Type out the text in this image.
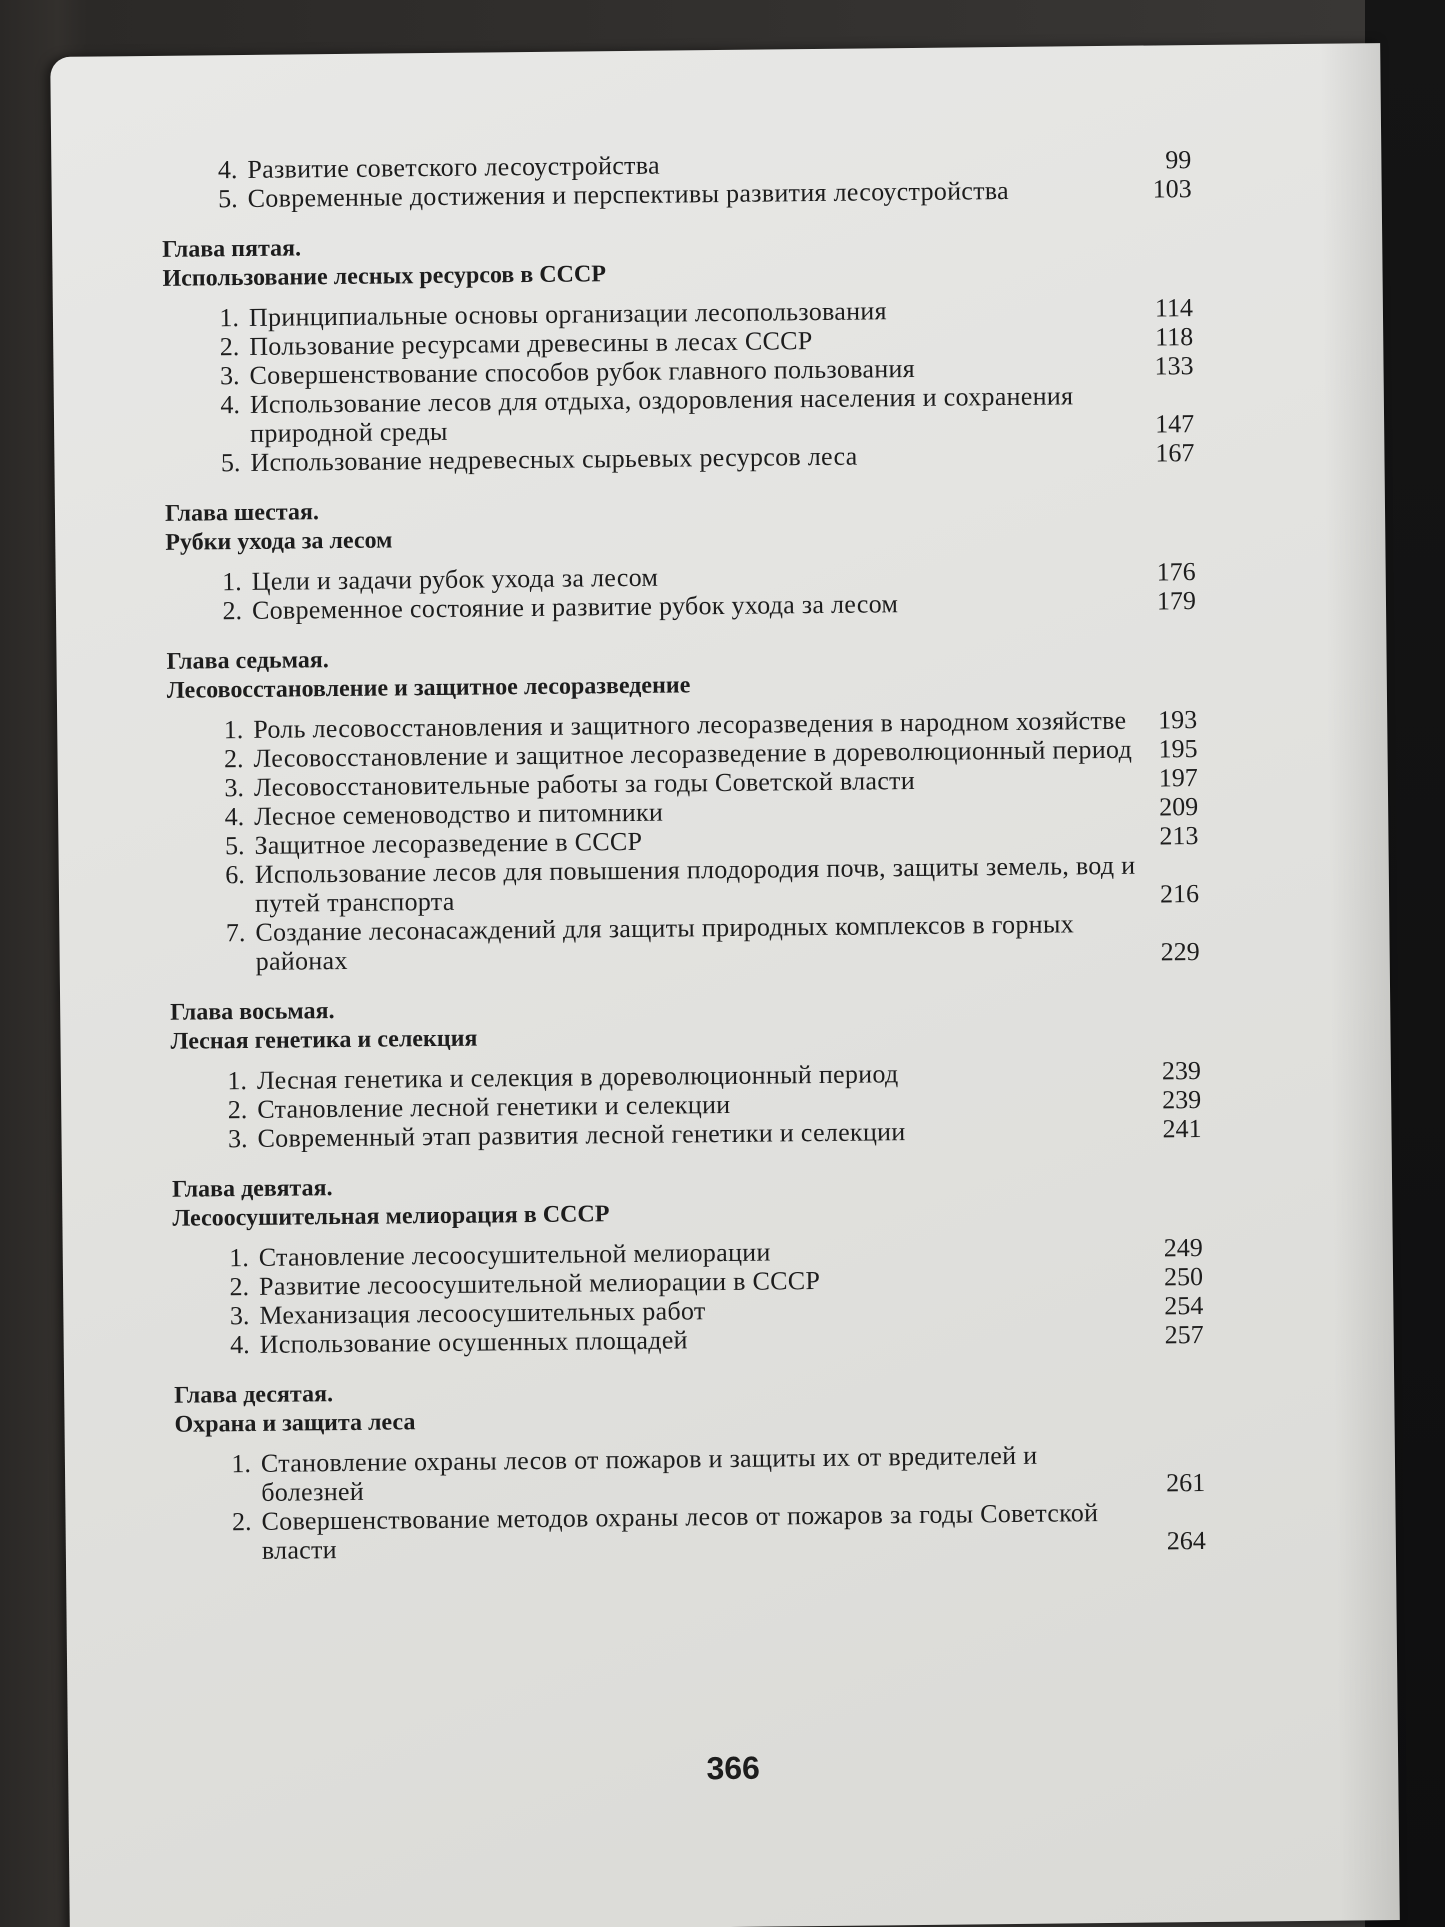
4. Развитие советского лесоустройства	99
5. Современные достижения и перспективы развития лесоустройства	103
Глава пятая.
Использование лесных ресурсов в СССР
1. Принципиальные основы организации лесопользования	114
2. Пользование ресурсами древесины в лесах СССР	118
3. Совершенствование способов рубок главного пользования	133
4. Использование лесов для отдыха, оздоровления населения и сохранения природной среды	147
5. Использование недревесных сырьевых ресурсов леса	167
Глава шестая.
Рубки ухода за лесом
1. Цели и задачи рубок ухода за лесом	176
2. Современное состояние и развитие рубок ухода за лесом	179
Глава седьмая.
Лесовосстановление и защитное лесоразведение
1. Роль лесовосстановления и защитного лесоразведения в народном хозяйстве	193
2. Лесовосстановление и защитное лесоразведение в дореволюционный период	195
3. Лесовосстановительные работы за годы Советской власти	197
4. Лесное семеноводство и питомники	209
5. Защитное лесоразведение в СССР	213
6. Использование лесов для повышения плодородия почв, защиты земель, вод и путей транспорта	216
7. Создание лесонасаждений для защиты природных комплексов в горных районах	229
Глава восьмая.
Лесная генетика и селекция
1. Лесная генетика и селекция в дореволюционный период	239
2. Становление лесной генетики и селекции	239
3. Современный этап развития лесной генетики и селекции	241
Глава девятая.
Лесоосушительная мелиорация в СССР
1. Становление лесоосушительной мелиорации	249
2. Развитие лесоосушительной мелиорации в СССР	250
3. Механизация лесоосушительных работ	254
4. Использование осушенных площадей	257
Глава десятая.
Охрана и защита леса
1. Становление охраны лесов от пожаров и защиты их от вредителей и болезней	261
2. Совершенствование методов охраны лесов от пожаров за годы Советской власти	264
366
